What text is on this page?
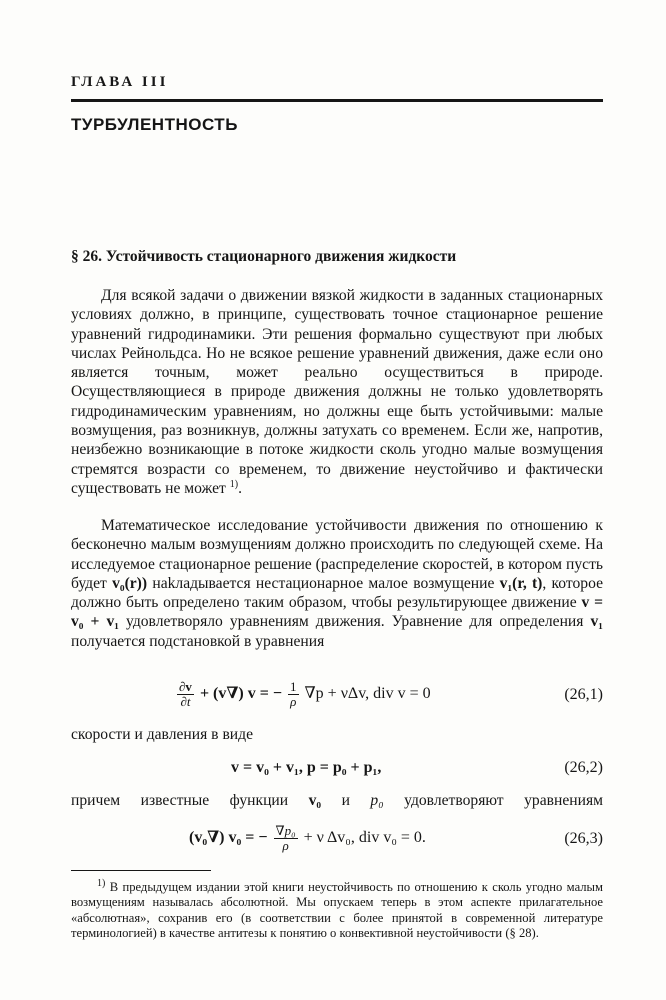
ГЛАВА III
ТУРБУЛЕНТНОСТЬ
§ 26. Устойчивость стационарного движения жидкости

Для всякой задачи о движении вязкой жидкости в заданных стационарных условиях должно, в принципе, существовать точное стационарное решение уравнений гидродинамики. Эти решения формально существуют при любых числах Рейнольдса. Но не всякое решение уравнений движения, даже если оно является точным, может реально осуществиться в природе. Осуществляющиеся в природе движения должны не только удовлетворять гидродинамическим уравнениям, но должны еще быть устойчивыми: малые возмущения, раз возникнув, должны затухать со временем. Если же, напротив, неизбежно возникающие в потоке жидкости сколь угодно малые возмущения стремятся возрасти со временем, то движение неустойчиво и фактически существовать не может $^{1)}$.

Математическое исследование устойчивости движения по отношению к бесконечно малым возмущениям должно происходить по следующей схеме. На исследуемое стационарное решение (распределение скоростей, в котором пусть будет v₀(r)) наkладывается нестационарное малое возмущение v₁(r, t), которое должно быть определено таким образом, чтобы результирующее движение v = v₀ + v₁ удовлетворяло уравнениям движения. Уравнение для определения v₁ получается подстановкой в уравнения

$\frac{\partial v}{\partial t} + (v\nabla) v$ = − $\frac{1}{\rho} \nabla p + \nu\Delta v$, div v = 0	(26,1)
скорости и давления в виде
v = v₀ + v₁, p = p₀ + p₁,	(26,2)
причем известные функции v₀ и p₀ удовлетворяют уравнениям
(v₀∇) v₀ = − $\frac{\text{∇p₀}}{\rho} + \nu$ Δv₀, div v₀ = 0.	(26,3)

$^{1)}$ В предыдущем издании этой книги неустойчивость по отношению к сколь угодно малым возмущениям называлась абсолютной. Мы опускаем теперь в этом аспекте прилагательное «абсолютная», сохранив его (в соответствии с более принятой в современной литературе терминологией) в качестве антитезы к понятию о конвективной неустойчивости (§ 28).
